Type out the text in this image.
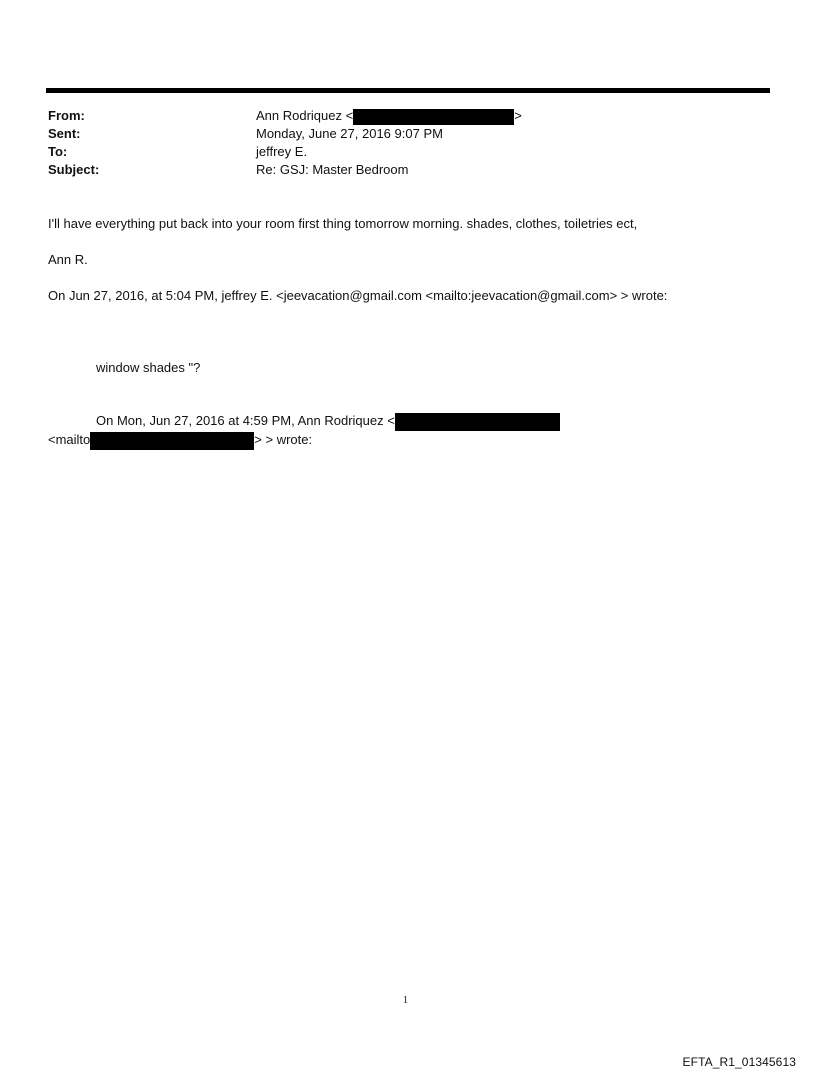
From:	Ann Rodriquez <	>
Sent:	Monday, June 27, 2016 9:07 PM
To:	jeffrey E.
Subject:	Re: GSJ: Master Bedroom
I'll have everything put back into your room first thing tomorrow morning. shades, clothes, toiletries ect,
Ann R.
On Jun 27, 2016, at 5:04 PM, jeffrey E. <jeevacation@gmail.com <mailto:jeevacation@gmail.com> > wrote:
window shades "?
On Mon, Jun 27, 2016 at 4:59 PM, Ann Rodriquez <
<mailto	> > wrote:
1
EFTA_R1_01345613
